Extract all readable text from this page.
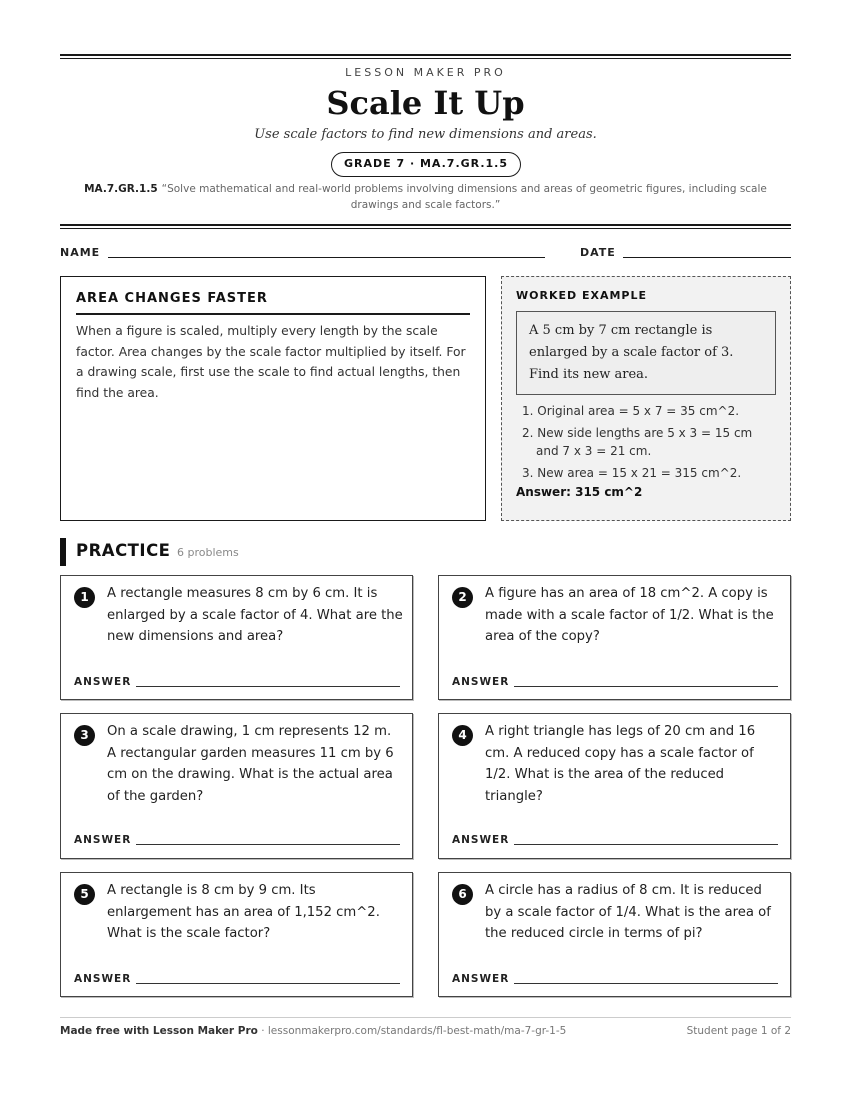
LESSON MAKER PRO
Scale It Up
Use scale factors to find new dimensions and areas.
GRADE 7 · MA.7.GR.1.5
MA.7.GR.1.5 “Solve mathematical and real-world problems involving dimensions and areas of geometric figures, including scale drawings and scale factors.”
NAME	DATE
AREA CHANGES FASTER

When a figure is scaled, multiply every length by the scale factor. Area changes by the scale factor multiplied by itself. For a drawing scale, first use the scale to find actual lengths, then find the area.

WORKED EXAMPLE
A 5 cm by 7 cm rectangle is enlarged by a scale factor of 3. Find its new area.
1. Original area = 5 x 7 = 35 cm^2.
2. New side lengths are 5 x 3 = 15 cm and 7 x 3 = 21 cm.
3. New area = 15 x 21 = 315 cm^2.
Answer: 315 cm^2
PRACTICE 6 problems
1	A rectangle measures 8 cm by 6 cm. It is enlarged by a scale factor of 4. What are the new dimensions and area?
ANSWER
2	A figure has an area of 18 cm^2. A copy is made with a scale factor of 1/2. What is the area of the copy?
ANSWER
3	On a scale drawing, 1 cm represents 12 m. A rectangular garden measures 11 cm by 6 cm on the drawing. What is the actual area of the garden?
ANSWER
4	A right triangle has legs of 20 cm and 16 cm. A reduced copy has a scale factor of 1/2. What is the area of the reduced triangle?
ANSWER
5	A rectangle is 8 cm by 9 cm. Its enlargement has an area of 1,152 cm^2. What is the scale factor?
ANSWER
6	A circle has a radius of 8 cm. It is reduced by a scale factor of 1/4. What is the area of the reduced circle in terms of pi?
ANSWER
Made free with Lesson Maker Pro · lessonmakerpro.com/standards/fl-best-math/ma-7-gr-1-5	Student page 1 of 2
